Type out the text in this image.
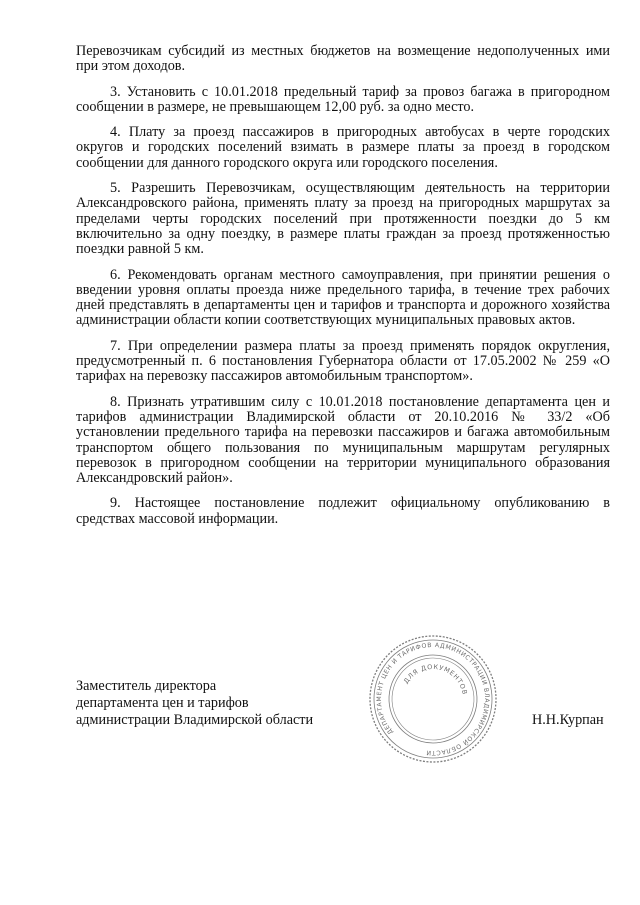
Перевозчикам субсидий из местных бюджетов на возмещение недополученных ими при этом доходов.

3. Установить с 10.01.2018 предельный тариф за провоз багажа в пригородном сообщении в размере, не превышающем 12,00 руб. за одно место.

4. Плату за проезд пассажиров в пригородных автобусах в черте городских округов и городских поселений взимать в размере платы за проезд в городском сообщении для данного городского округа или городского поселения.

5. Разрешить Перевозчикам, осуществляющим деятельность на территории Александровского района, применять плату за проезд на пригородных маршрутах за пределами черты городских поселений при протяженности поездки до 5 км включительно за одну поездку, в размере платы граждан за проезд протяженностью поездки равной 5 км.

6. Рекомендовать органам местного самоуправления, при принятии решения о введении уровня оплаты проезда ниже предельного тарифа, в течение трех рабочих дней представлять в департаменты цен и тарифов и транспорта и дорожного хозяйства администрации области копии соответствующих муниципальных правовых актов.

7. При определении размера платы за проезд применять порядок округления, предусмотренный п. 6 постановления Губернатора области от 17.05.2002 № 259 «О тарифах на перевозку пассажиров автомобильным транспортом».

8. Признать утратившим силу с 10.01.2018 постановление департамента цен и тарифов администрации Владимирской области от 20.10.2016 № 33/2 «Об установлении предельного тарифа на перевозки пассажиров и багажа автомобильным транспортом общего пользования по муниципальным маршрутам регулярных перевозок в пригородном сообщении на территории муниципального образования Александровский район».

9. Настоящее постановление подлежит официальному опубликованию в средствах массовой информации.

Заместитель директора
департамента цен и тарифов
администрации Владимирской области
ДЕПАРТАМЕНТ ЦЕН И ТАРИФОВ АДМИНИСТРАЦИИ ВЛАДИМИРСКОЙ ОБЛАСТИ
ДЛЯ ДОКУМЕНТОВ
Н.Н.Курпан
